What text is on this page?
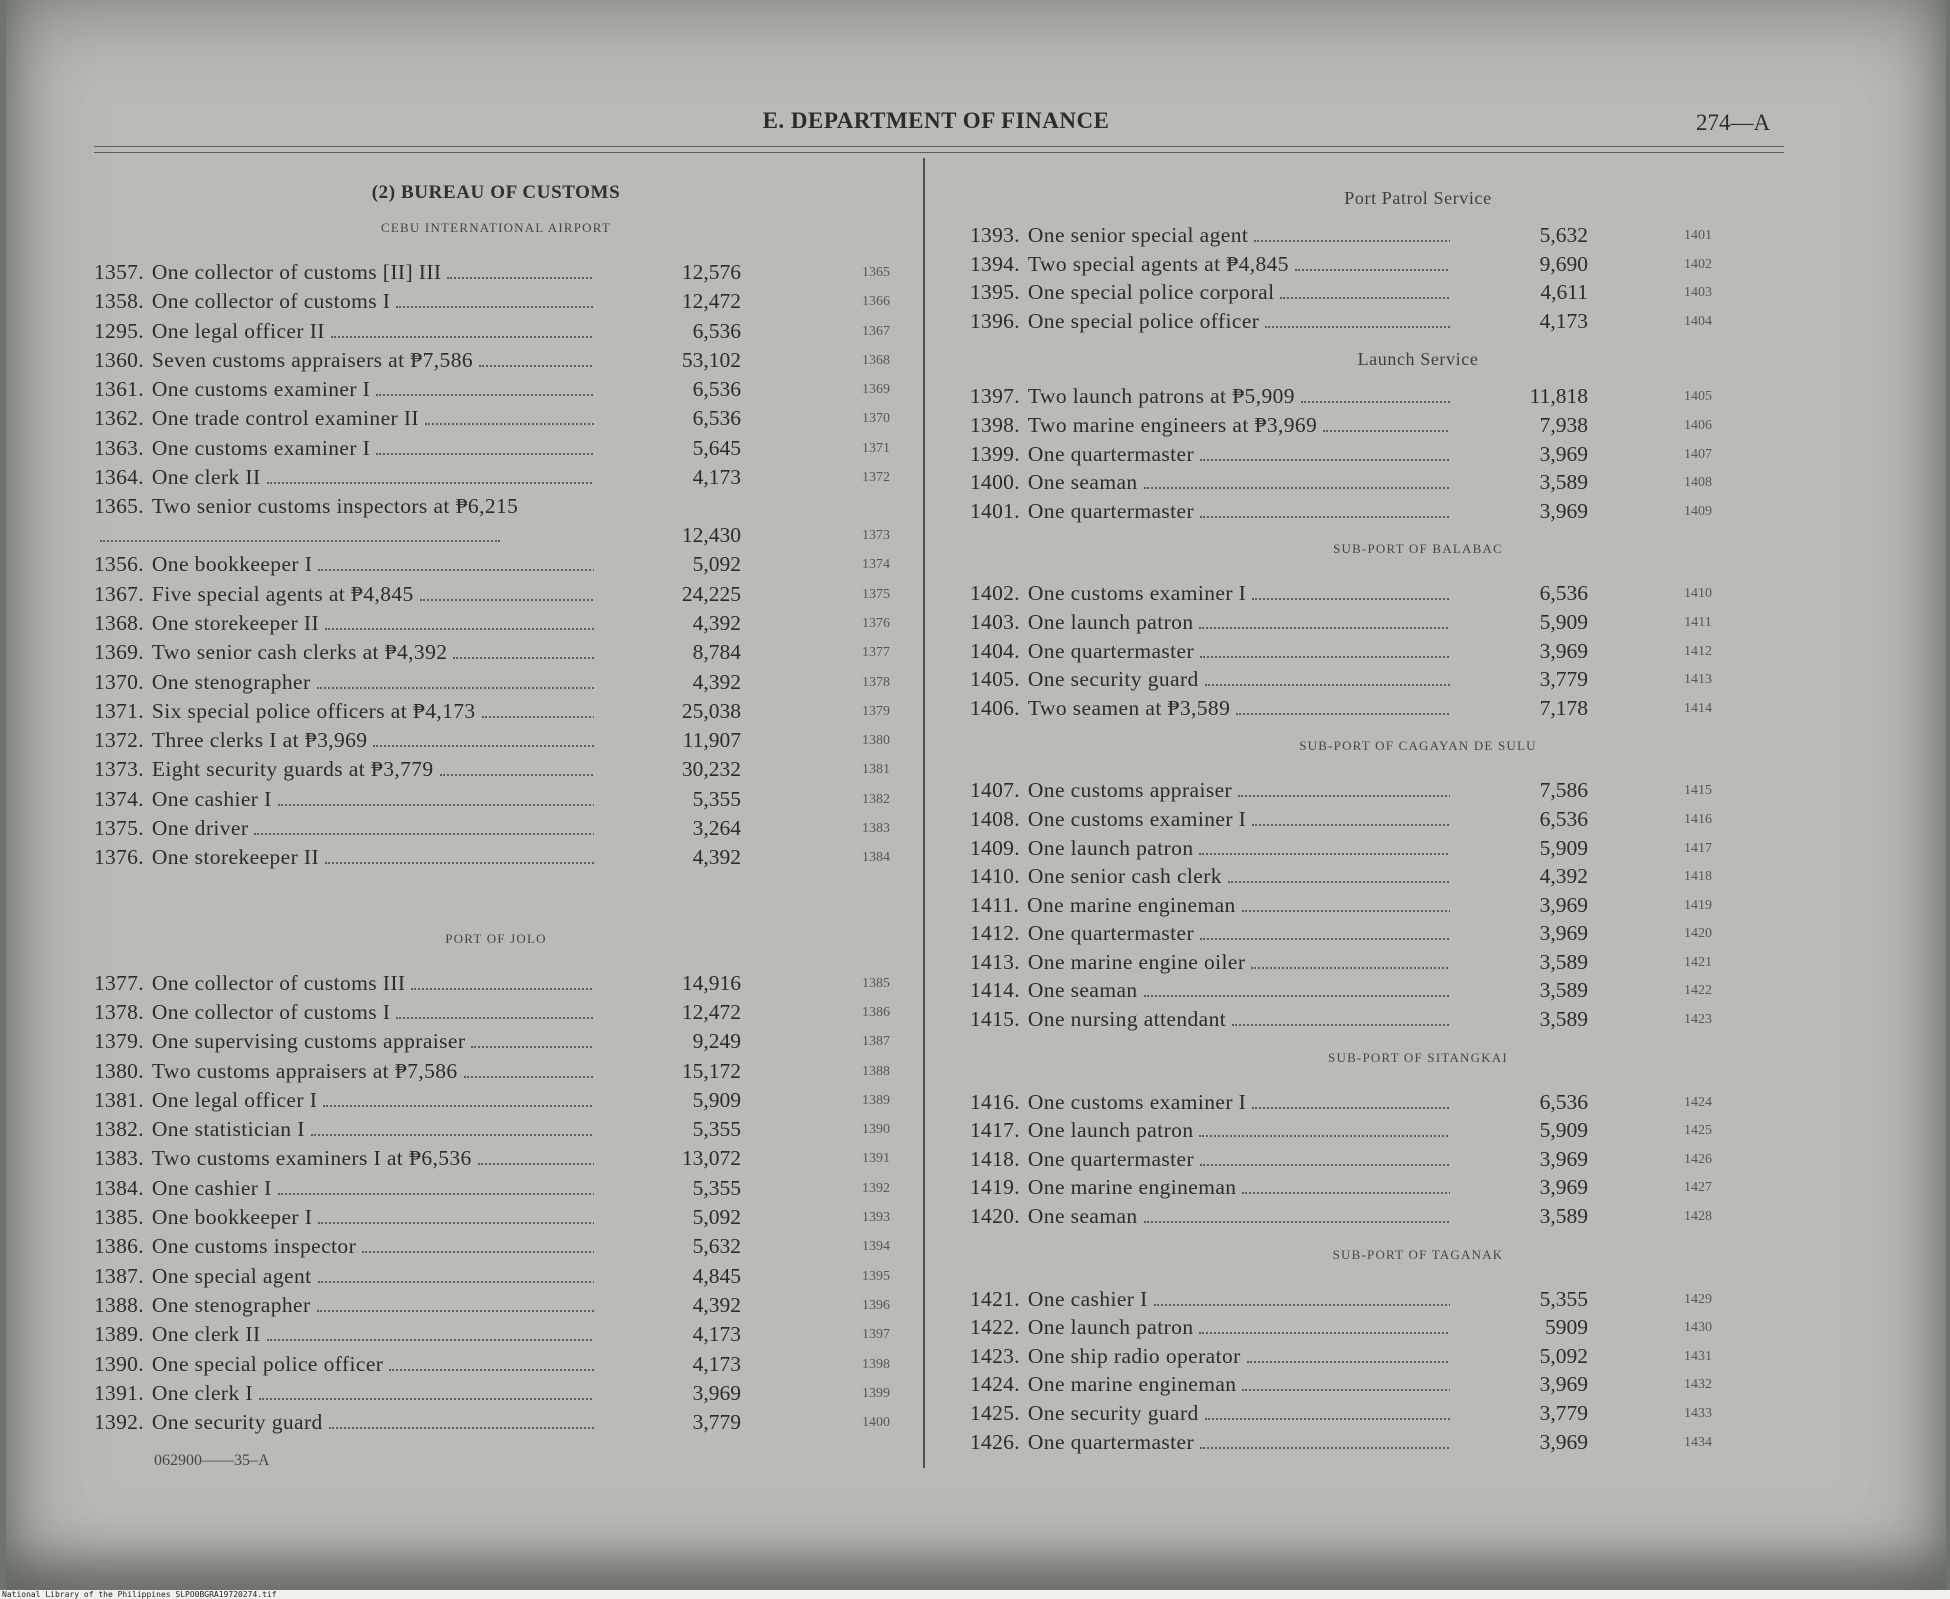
E. DEPARTMENT OF FINANCE	274—A
(2) BUREAU OF CUSTOMS
CEBU INTERNATIONAL AIRPORT
1357. One collector of customs [II] III	12,576	1365
1358. One collector of customs I	12,472	1366
1295. One legal officer II	6,536	1367
1360. Seven customs appraisers at ₱7,586	53,102	1368
1361. One customs examiner I	6,536	1369
1362. One trade control examiner II	6,536	1370
1363. One customs examiner I	5,645	1371
1364. One clerk II	4,173	1372
1365. Two senior customs inspectors at ₱6,215
12,430	1373
1356. One bookkeeper I	5,092	1374
1367. Five special agents at ₱4,845	24,225	1375
1368. One storekeeper II	4,392	1376
1369. Two senior cash clerks at ₱4,392	8,784	1377
1370. One stenographer	4,392	1378
1371. Six special police officers at ₱4,173	25,038	1379
1372. Three clerks I at ₱3,969	11,907	1380
1373. Eight security guards at ₱3,779	30,232	1381
1374. One cashier I	5,355	1382
1375. One driver	3,264	1383
1376. One storekeeper II	4,392	1384
PORT OF JOLO
1377. One collector of customs III	14,916	1385
1378. One collector of customs I	12,472	1386
1379. One supervising customs appraiser	9,249	1387
1380. Two customs appraisers at ₱7,586	15,172	1388
1381. One legal officer I	5,909	1389
1382. One statistician I	5,355	1390
1383. Two customs examiners I at ₱6,536	13,072	1391
1384. One cashier I	5,355	1392
1385. One bookkeeper I	5,092	1393
1386. One customs inspector	5,632	1394
1387. One special agent	4,845	1395
1388. One stenographer	4,392	1396
1389. One clerk II	4,173	1397
1390. One special police officer	4,173	1398
1391. One clerk I	3,969	1399
1392. One security guard	3,779	1400
Port Patrol Service
1393. One senior special agent	5,632	1401
1394. Two special agents at ₱4,845	9,690	1402
1395. One special police corporal	4,611	1403
1396. One special police officer	4,173	1404
Launch Service
1397. Two launch patrons at ₱5,909	11,818	1405
1398. Two marine engineers at ₱3,969	7,938	1406
1399. One quartermaster	3,969	1407
1400. One seaman	3,589	1408
1401. One quartermaster	3,969	1409
SUB-PORT OF BALABAC
1402. One customs examiner I	6,536	1410
1403. One launch patron	5,909	1411
1404. One quartermaster	3,969	1412
1405. One security guard	3,779	1413
1406. Two seamen at ₱3,589	7,178	1414
SUB-PORT OF CAGAYAN DE SULU
1407. One customs appraiser	7,586	1415
1408. One customs examiner I	6,536	1416
1409. One launch patron	5,909	1417
1410. One senior cash clerk	4,392	1418
1411. One marine engineman	3,969	1419
1412. One quartermaster	3,969	1420
1413. One marine engine oiler	3,589	1421
1414. One seaman	3,589	1422
1415. One nursing attendant	3,589	1423
SUB-PORT OF SITANGKAI
1416. One customs examiner I	6,536	1424
1417. One launch patron	5,909	1425
1418. One quartermaster	3,969	1426
1419. One marine engineman	3,969	1427
1420. One seaman	3,589	1428
SUB-PORT OF TAGANAK
1421. One cashier I	5,355	1429
1422. One launch patron	5909	1430
1423. One ship radio operator	5,092	1431
1424. One marine engineman	3,969	1432
1425. One security guard	3,779	1433
1426. One quartermaster	3,969	1434
062900——35–A
National Library of the Philippines SLPO0BGRA19720274.tif
